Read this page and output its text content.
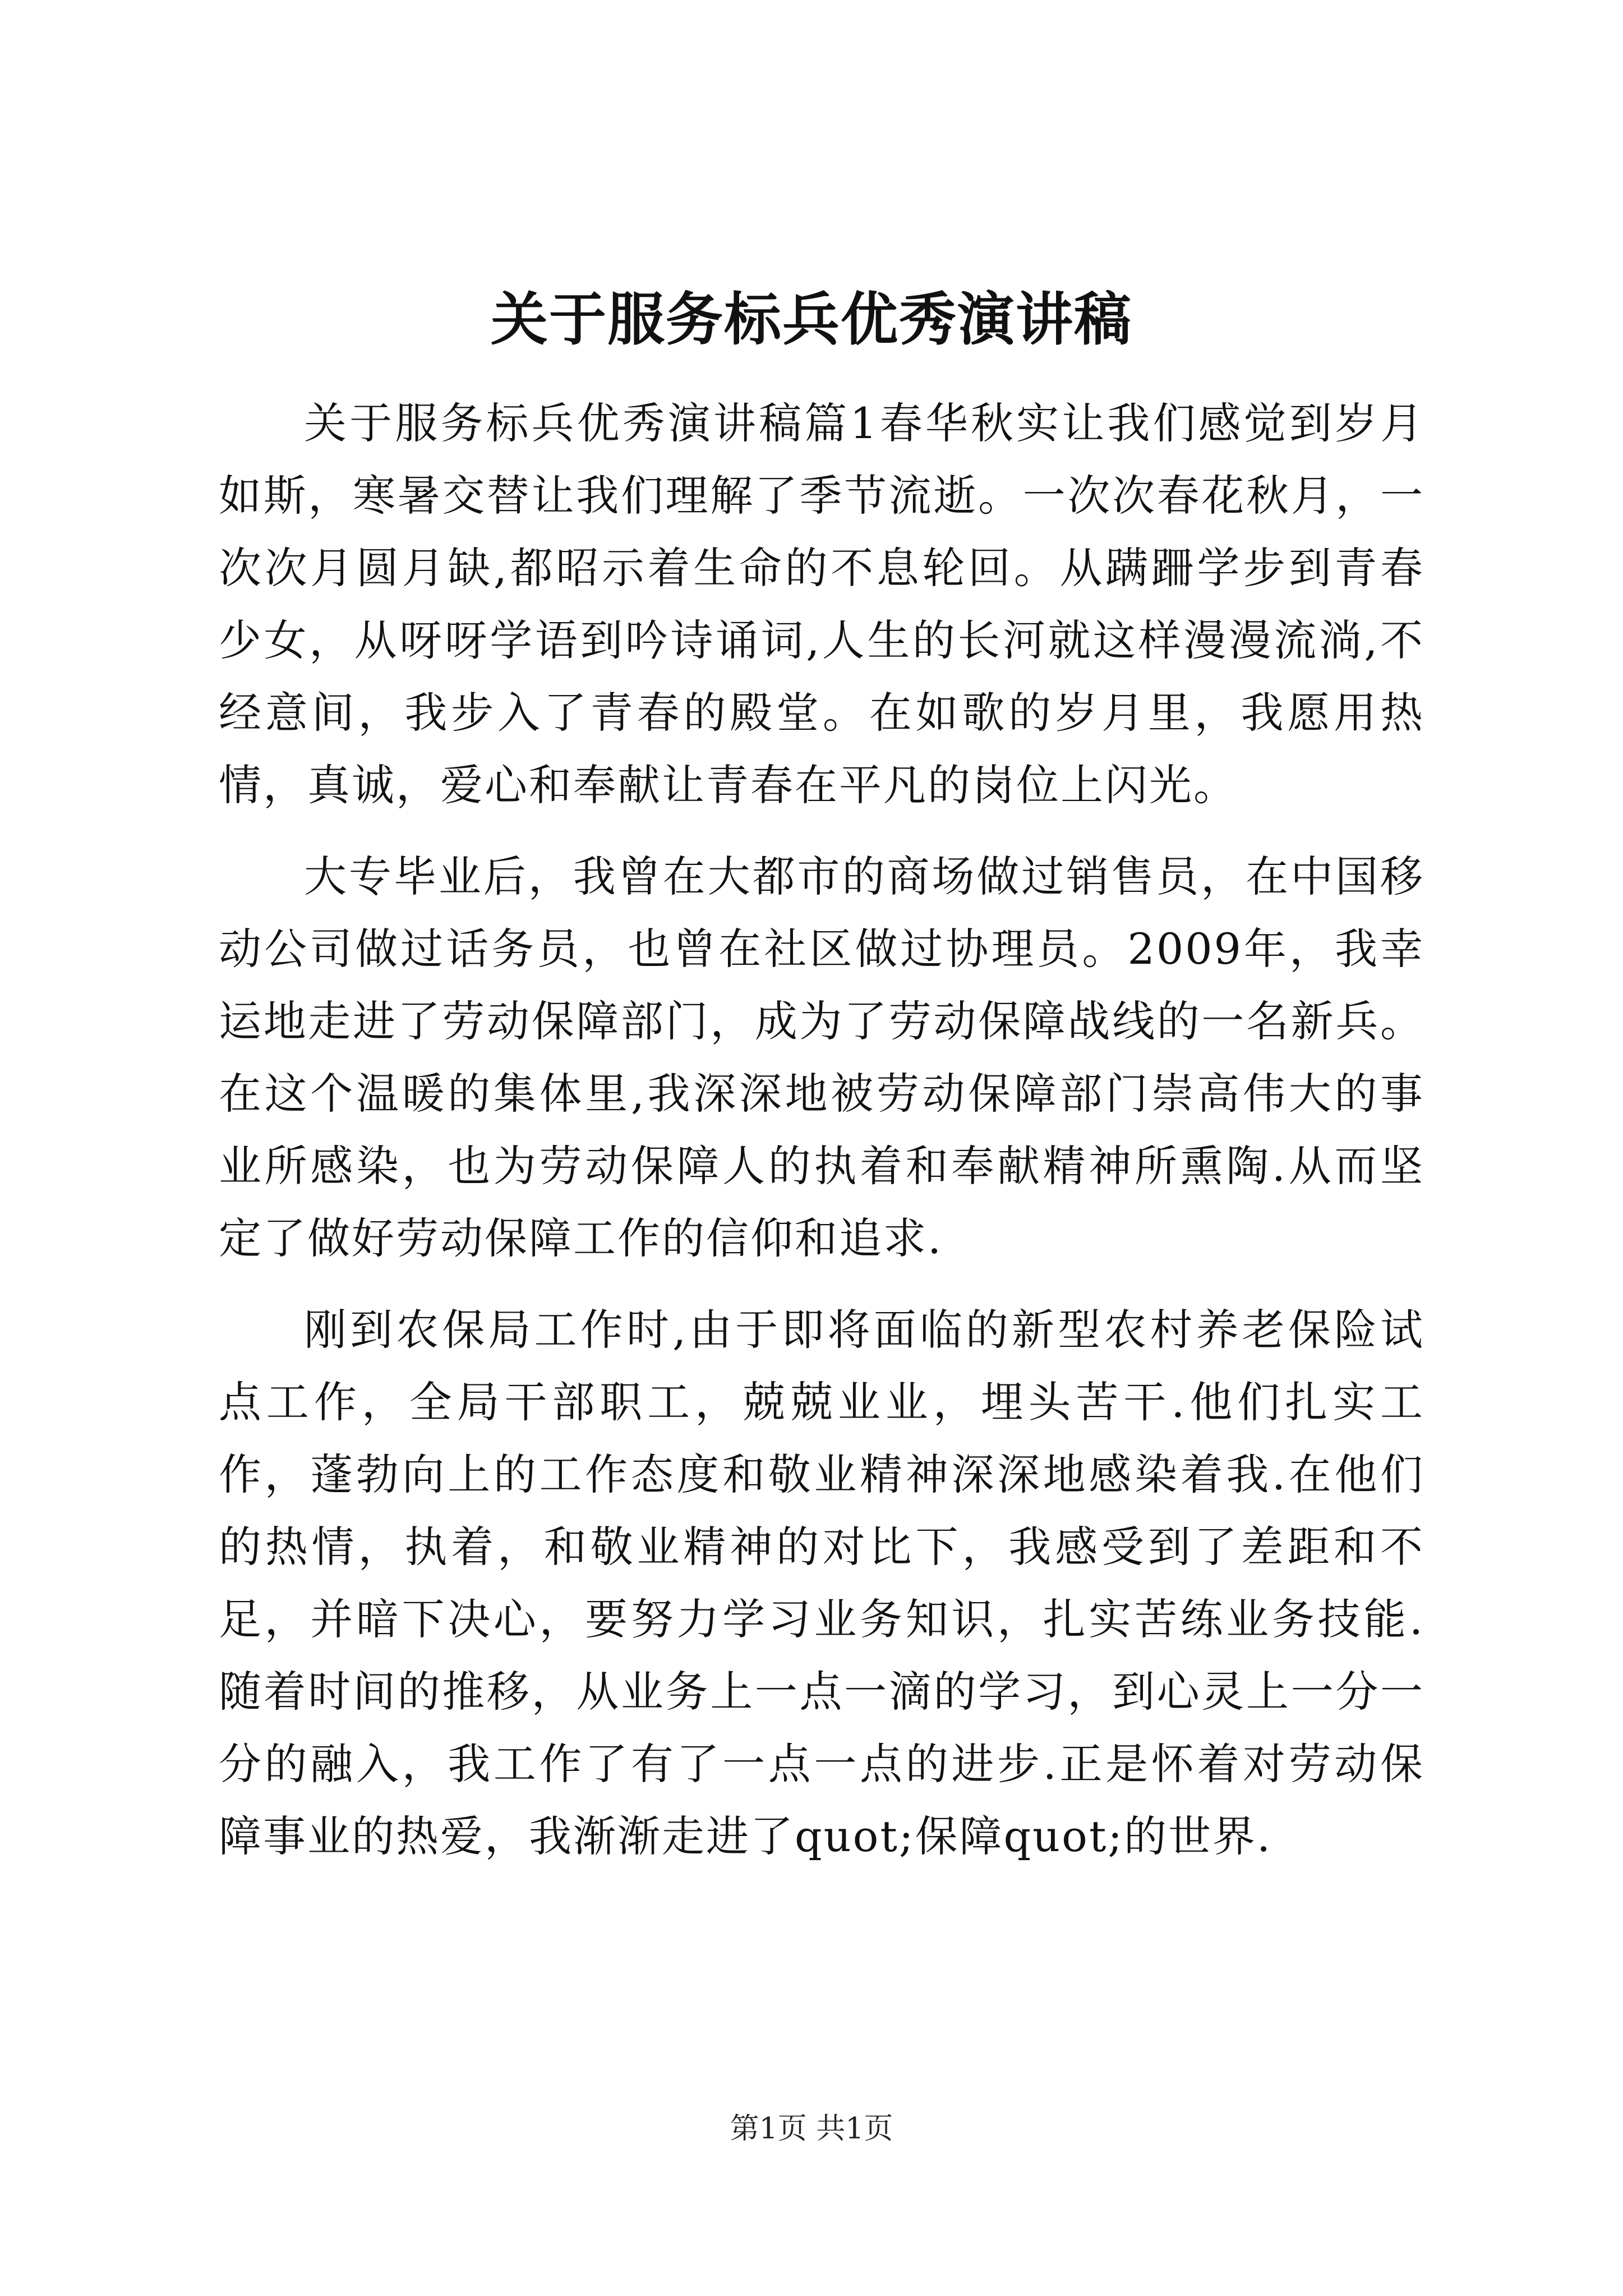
关于服务标兵优秀演讲稿

关于服务标兵优秀演讲稿篇1春华秋实让我们感觉到岁月如斯，寒暑交替让我们理解了季节流逝。一次次春花秋月，一次次月圆月缺,都昭示着生命的不息轮回。从蹒跚学步到青春少女，从呀呀学语到吟诗诵词,人生的长河就这样漫漫流淌,不经意间，我步入了青春的殿堂。在如歌的岁月里，我愿用热情，真诚，爱心和奉献让青春在平凡的岗位上闪光。

大专毕业后，我曾在大都市的商场做过销售员，在中国移动公司做过话务员，也曾在社区做过协理员。2009年，我幸运地走进了劳动保障部门，成为了劳动保障战线的一名新兵。在这个温暖的集体里,我深深地被劳动保障部门崇高伟大的事业所感染，也为劳动保障人的执着和奉献精神所熏陶.从而坚定了做好劳动保障工作的信仰和追求.

刚到农保局工作时,由于即将面临的新型农村养老保险试点工作，全局干部职工，兢兢业业，埋头苦干.他们扎实工作，蓬勃向上的工作态度和敬业精神深深地感染着我.在他们的热情，执着，和敬业精神的对比下，我感受到了差距和不足，并暗下决心，要努力学习业务知识，扎实苦练业务技能.随着时间的推移，从业务上一点一滴的学习，到心灵上一分一分的融入，我工作了有了一点一点的进步.正是怀着对劳动保障事业的热爱，我渐渐走进了quot;保障quot;的世界.

第1页 共1页
